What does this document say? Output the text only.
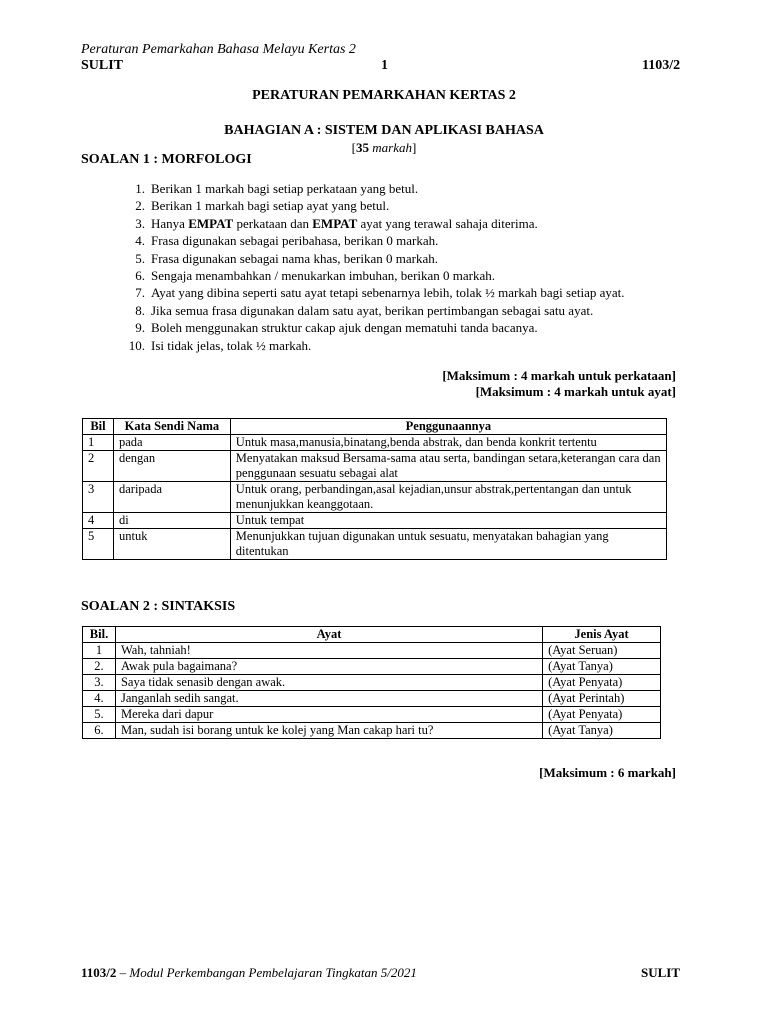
Peraturan Pemarkahan Bahasa Melayu Kertas 2
SULIT	1	1103/2
PERATURAN PEMARKAHAN KERTAS 2
BAHAGIAN A : SISTEM DAN APLIKASI BAHASA
[35 markah]
SOALAN 1 : MORFOLOGI
1. Berikan 1 markah bagi setiap perkataan yang betul.
2. Berikan 1 markah bagi setiap ayat yang betul.
3. Hanya EMPAT perkataan dan EMPAT ayat yang terawal sahaja diterima.
4. Frasa digunakan sebagai peribahasa, berikan 0 markah.
5. Frasa digunakan sebagai nama khas, berikan 0 markah.
6. Sengaja menambahkan / menukarkan imbuhan, berikan 0 markah.
7. Ayat yang dibina seperti satu ayat tetapi sebenarnya lebih, tolak ½ markah bagi setiap ayat.
8. Jika semua frasa digunakan dalam satu ayat, berikan pertimbangan sebagai satu ayat.
9. Boleh menggunakan struktur cakap ajuk dengan mematuhi tanda bacanya.
10. Isi tidak jelas, tolak ½ markah.
[Maksimum : 4 markah untuk perkataan]
[Maksimum : 4 markah untuk ayat]
Bil	Kata Sendi Nama	Penggunaannya
1	pada	Untuk masa,manusia,binatang,benda abstrak, dan benda konkrit tertentu
2	dengan	Menyatakan maksud Bersama-sama atau serta, bandingan setara,keterangan cara dan penggunaan sesuatu sebagai alat
3	daripada	Untuk orang, perbandingan,asal kejadian,unsur abstrak,pertentangan dan untuk menunjukkan keanggotaan.
4	di	Untuk tempat
5	untuk	Menunjukkan tujuan digunakan untuk sesuatu, menyatakan bahagian yang ditentukan
SOALAN 2 : SINTAKSIS
Bil.	Ayat	Jenis Ayat
1	Wah, tahniah!	(Ayat Seruan)
2.	Awak pula bagaimana?	(Ayat Tanya)
3.	Saya tidak senasib dengan awak.	(Ayat Penyata)
4.	Janganlah sedih sangat.	(Ayat Perintah)
5.	Mereka dari dapur	(Ayat Penyata)
6.	Man, sudah isi borang untuk ke kolej yang Man cakap hari tu?	(Ayat Tanya)
[Maksimum : 6 markah]
1103/2 – Modul Perkembangan Pembelajaran Tingkatan 5/2021	SULIT
